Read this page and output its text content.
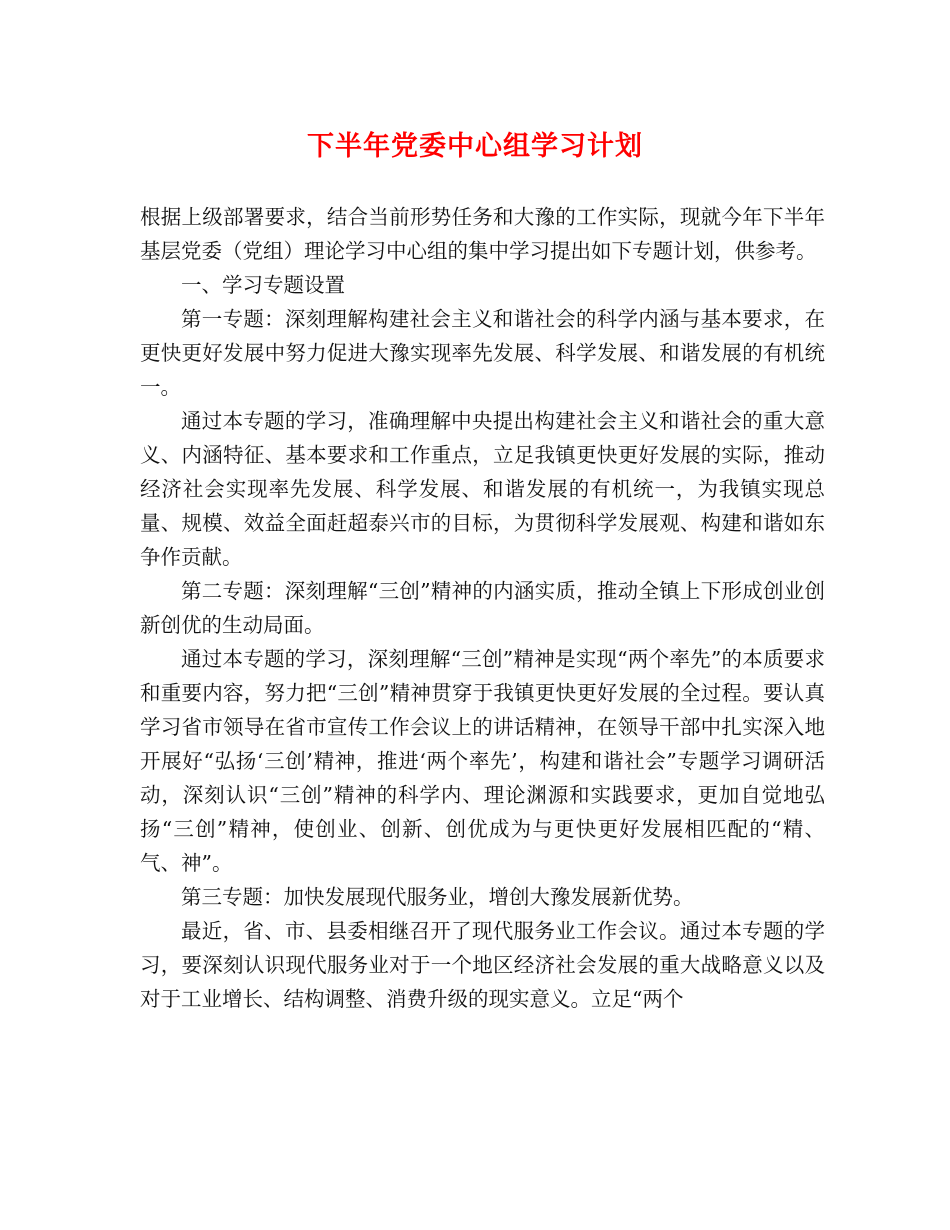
下半年党委中心组学习计划

根据上级部署要求，结合当前形势任务和大豫的工作实际，现就今年下半年基层党委（党组）理论学习中心组的集中学习提出如下专题计划，供参考。

一、学习专题设置

第一专题：深刻理解构建社会主义和谐社会的科学内涵与基本要求，在更快更好发展中努力促进大豫实现率先发展、科学发展、和谐发展的有机统一。

通过本专题的学习，准确理解中央提出构建社会主义和谐社会的重大意义、内涵特征、基本要求和工作重点，立足我镇更快更好发展的实际，推动经济社会实现率先发展、科学发展、和谐发展的有机统一，为我镇实现总量、规模、效益全面赶超泰兴市的目标，为贯彻科学发展观、构建和谐如东争作贡献。

第二专题：深刻理解“三创”精神的内涵实质，推动全镇上下形成创业创新创优的生动局面。

通过本专题的学习，深刻理解“三创”精神是实现“两个率先”的本质要求和重要内容，努力把“三创”精神贯穿于我镇更快更好发展的全过程。要认真学习省市领导在省市宣传工作会议上的讲话精神，在领导干部中扎实深入地开展好“弘扬‘三创’精神，推进‘两个率先’，构建和谐社会”专题学习调研活动，深刻认识“三创”精神的科学内、理论渊源和实践要求，更加自觉地弘扬“三创”精神，使创业、创新、创优成为与更快更好发展相匹配的“精、气、神”。

第三专题：加快发展现代服务业，增创大豫发展新优势。

最近，省、市、县委相继召开了现代服务业工作会议。通过本专题的学习，要深刻认识现代服务业对于一个地区经济社会发展的重大战略意义以及对于工业增长、结构调整、消费升级的现实意义。立足“两个
